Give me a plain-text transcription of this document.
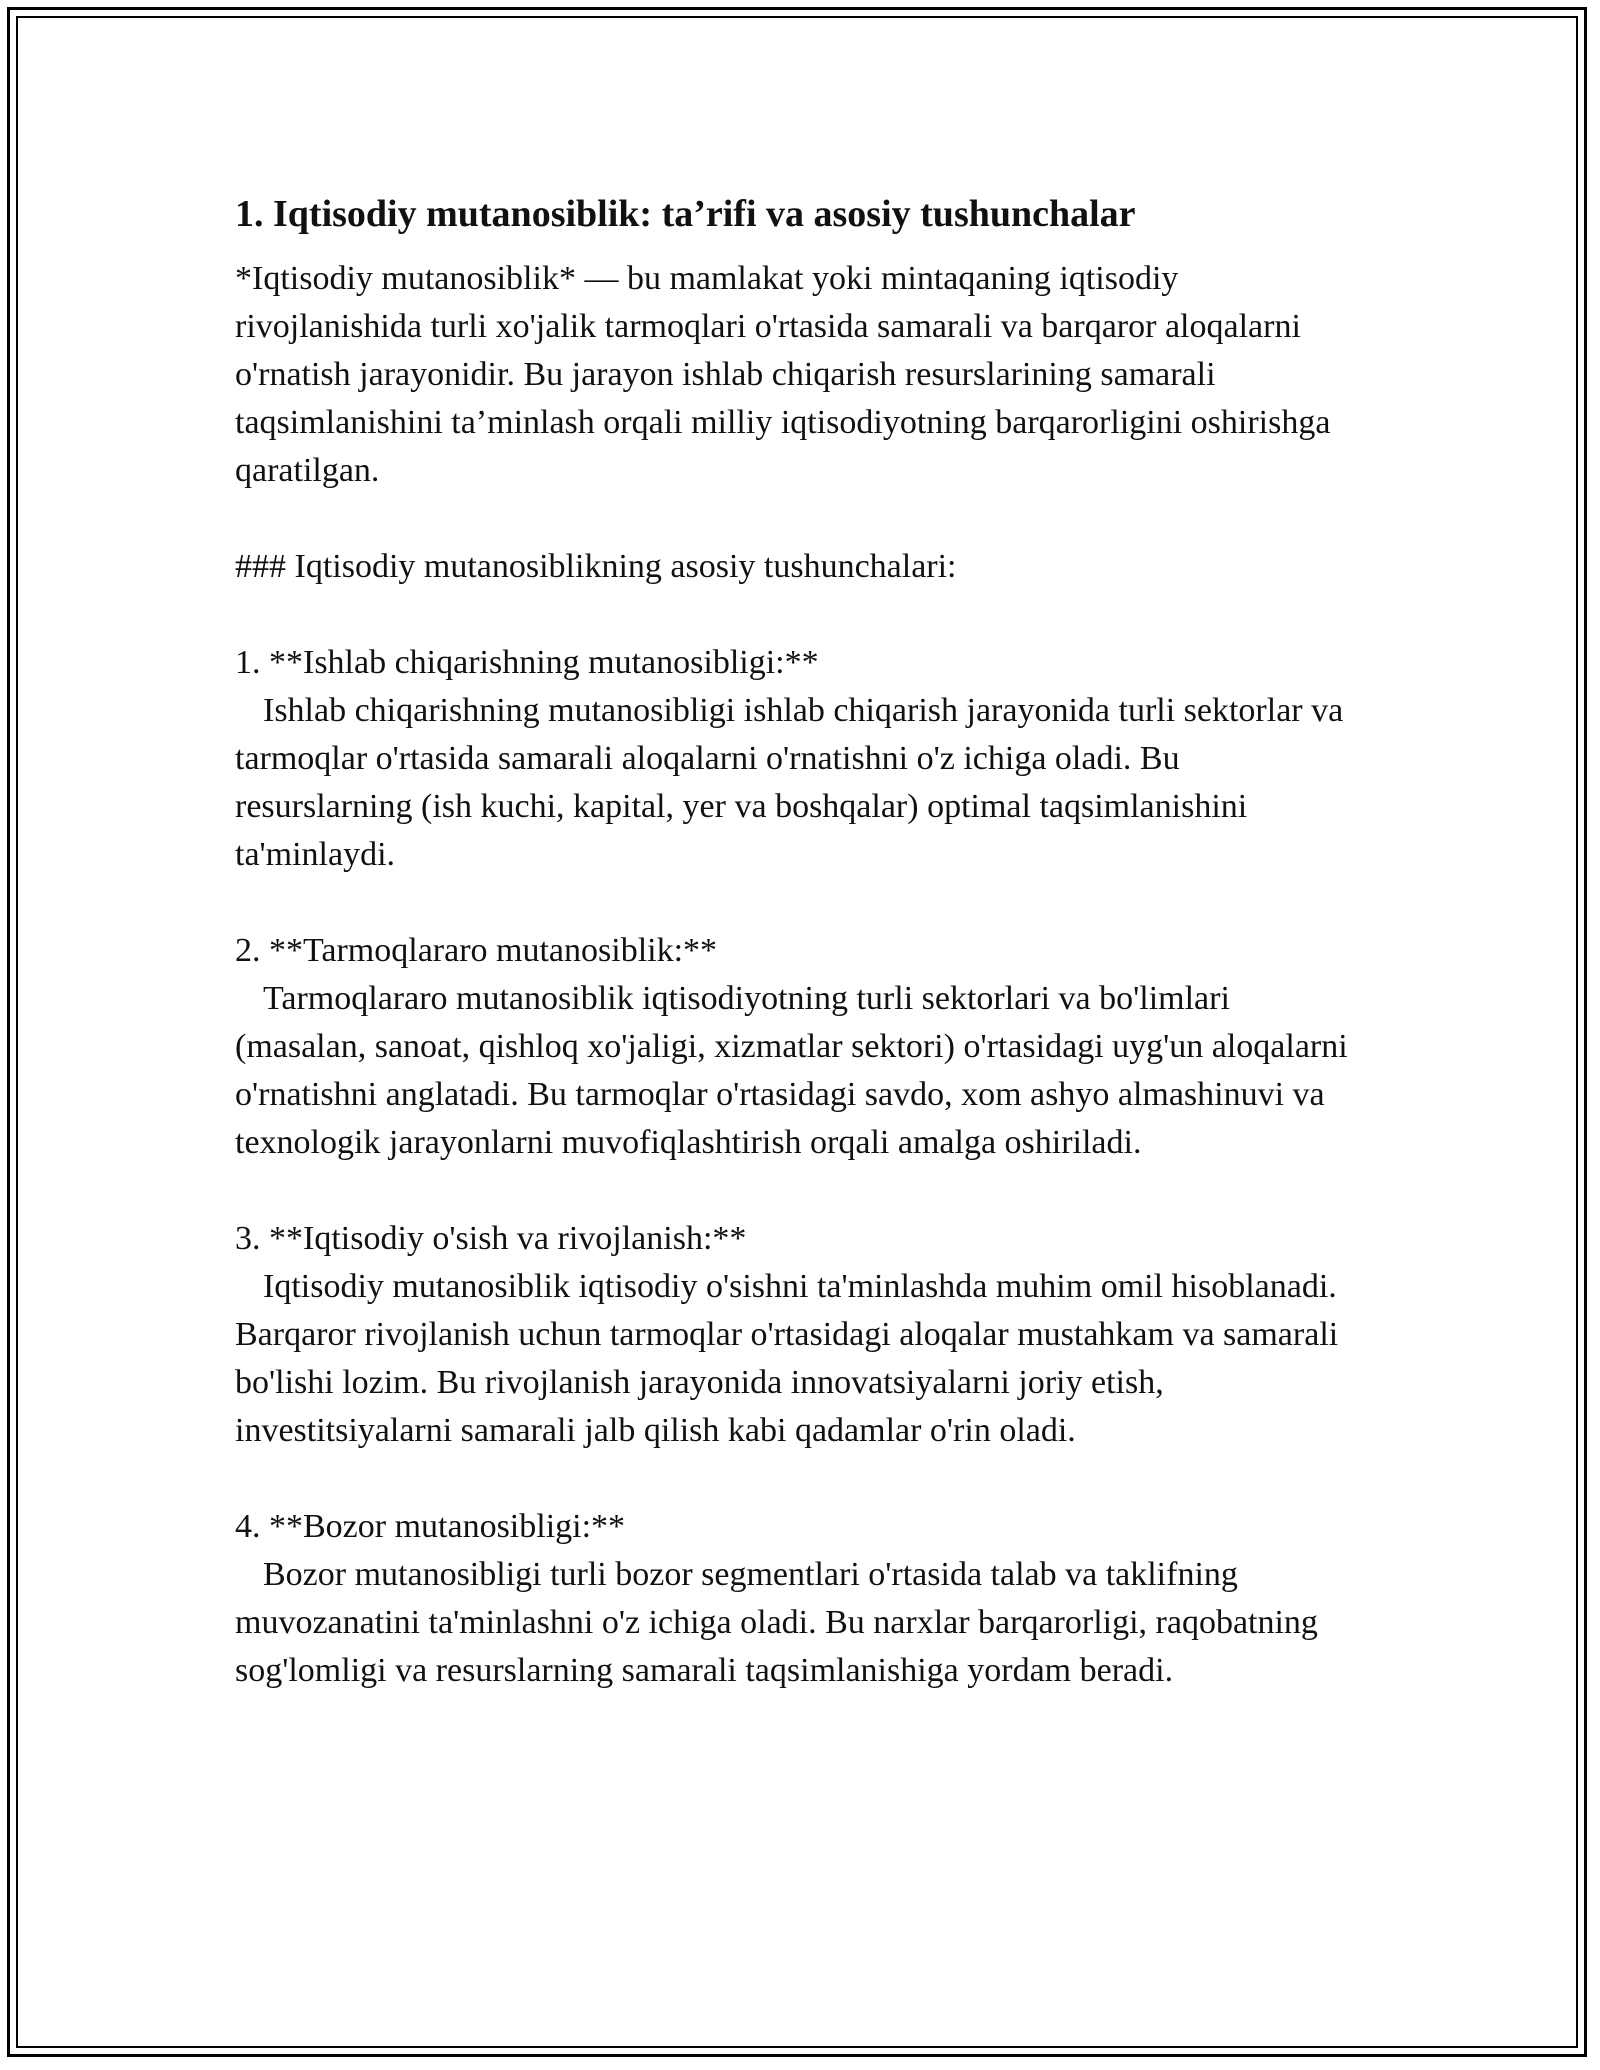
1. Iqtisodiy mutanosiblik: ta’rifi va asosiy tushunchalar

*Iqtisodiy mutanosiblik* — bu mamlakat yoki mintaqaning iqtisodiy rivojlanishida turli xo'jalik tarmoqlari o'rtasida samarali va barqaror aloqalarni o'rnatish jarayonidir. Bu jarayon ishlab chiqarish resurslarining samarali taqsimlanishini ta’minlash orqali milliy iqtisodiyotning barqarorligini oshirishga qaratilgan.

### Iqtisodiy mutanosiblikning asosiy tushunchalari:

1. **Ishlab chiqarishning mutanosibligi:**

Ishlab chiqarishning mutanosibligi ishlab chiqarish jarayonida turli sektorlar va tarmoqlar o'rtasida samarali aloqalarni o'rnatishni o'z ichiga oladi. Bu resurslarning (ish kuchi, kapital, yer va boshqalar) optimal taqsimlanishini ta'minlaydi.

2. **Tarmoqlararo mutanosiblik:**

Tarmoqlararo mutanosiblik iqtisodiyotning turli sektorlari va bo'limlari (masalan, sanoat, qishloq xo'jaligi, xizmatlar sektori) o'rtasidagi uyg'un aloqalarni o'rnatishni anglatadi. Bu tarmoqlar o'rtasidagi savdo, xom ashyo almashinuvi va texnologik jarayonlarni muvofiqlashtirish orqali amalga oshiriladi.

3. **Iqtisodiy o'sish va rivojlanish:**

Iqtisodiy mutanosiblik iqtisodiy o'sishni ta'minlashda muhim omil hisoblanadi. Barqaror rivojlanish uchun tarmoqlar o'rtasidagi aloqalar mustahkam va samarali bo'lishi lozim. Bu rivojlanish jarayonida innovatsiyalarni joriy etish, investitsiyalarni samarali jalb qilish kabi qadamlar o'rin oladi.

4. **Bozor mutanosibligi:**

Bozor mutanosibligi turli bozor segmentlari o'rtasida talab va taklifning muvozanatini ta'minlashni o'z ichiga oladi. Bu narxlar barqarorligi, raqobatning sog'lomligi va resurslarning samarali taqsimlanishiga yordam beradi.
